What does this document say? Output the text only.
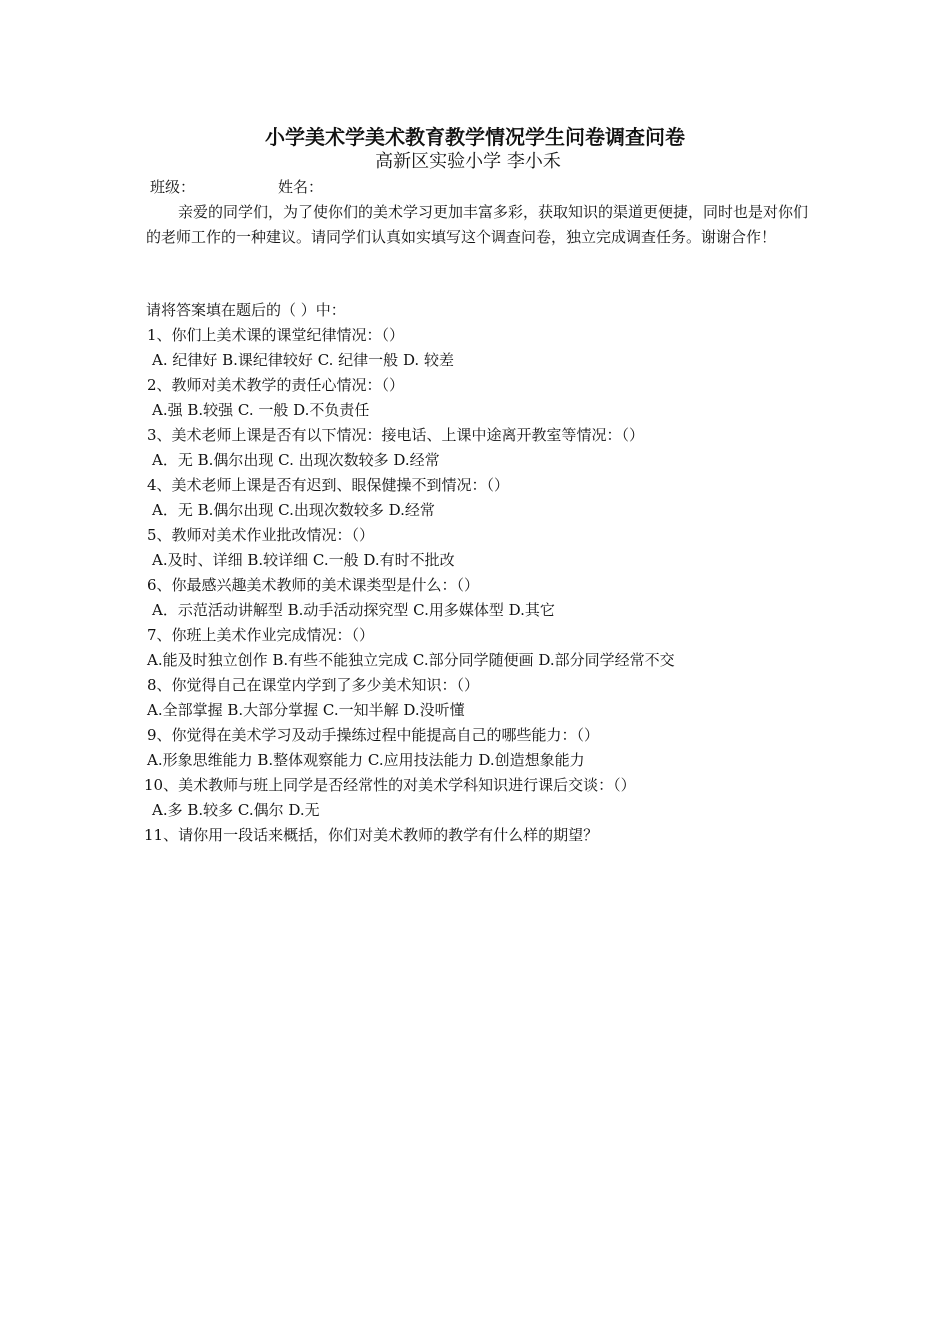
小学美术学美术教育教学情况学生问卷调查问卷
高新区实验小学 李小禾
班级：	姓名：

亲爱的同学们，为了使你们的美术学习更加丰富多彩，获取知识的渠道更便捷，同时也是对你们的老师工作的一种建议。请同学们认真如实填写这个调查问卷，独立完成调查任务。谢谢合作！

请将答案填在题后的（ ）中：
1、你们上美术课的课堂纪律情况：（）
A. 纪律好 B.课纪律较好 C. 纪律一般 D. 较差
2、教师对美术教学的责任心情况：（）
A.强 B.较强 C. 一般 D.不负责任
3、美术老师上课是否有以下情况：接电话、上课中途离开教室等情况：（）
A．无 B.偶尔出现 C. 出现次数较多 D.经常
4、美术老师上课是否有迟到、眼保健操不到情况：（）
A．无 B.偶尔出现 C.出现次数较多 D.经常
5、教师对美术作业批改情况：（）
A.及时、详细 B.较详细 C.一般 D.有时不批改
6、你最感兴趣美术教师的美术课类型是什么：（）
A．示范活动讲解型 B.动手活动探究型 C.用多媒体型 D.其它
7、你班上美术作业完成情况：（）
A.能及时独立创作 B.有些不能独立完成 C.部分同学随便画 D.部分同学经常不交
8、你觉得自己在课堂内学到了多少美术知识：（）
A.全部掌握 B.大部分掌握 C.一知半解 D.没听懂
9、你觉得在美术学习及动手操练过程中能提高自己的哪些能力：（）
A.形象思维能力 B.整体观察能力 C.应用技法能力 D.创造想象能力
10、美术教师与班上同学是否经常性的对美术学科知识进行课后交谈：（）
A.多 B.较多 C.偶尔 D.无
11、请你用一段话来概括，你们对美术教师的教学有什么样的期望？
